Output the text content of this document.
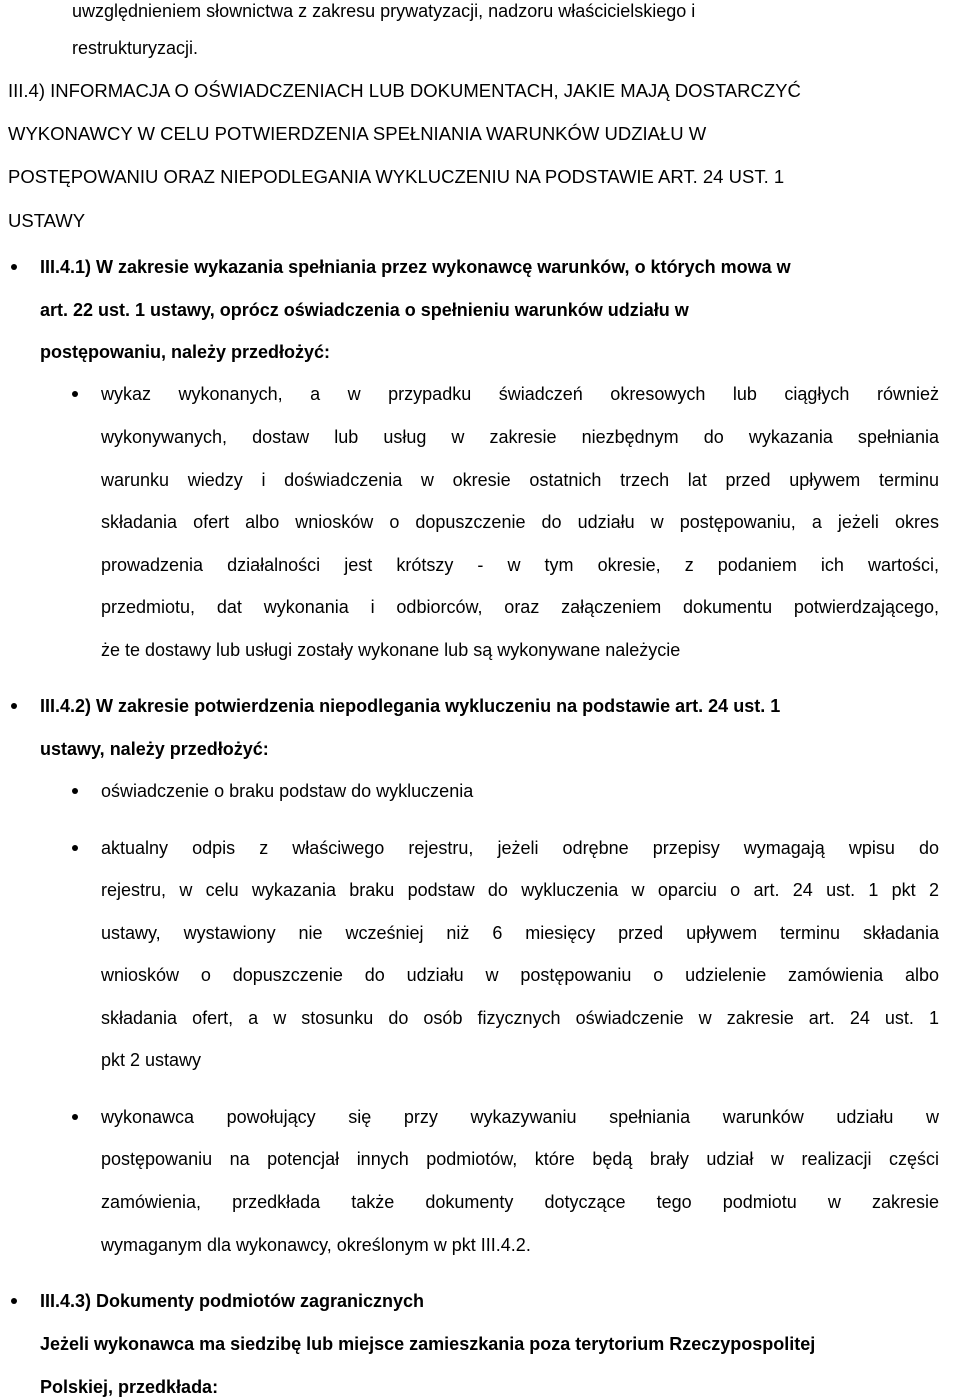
uwzględnieniem słownictwa z zakresu prywatyzacji, nadzoru właścicielskiego i
restrukturyzacji.
III.4) INFORMACJA O OŚWIADCZENIACH LUB DOKUMENTACH, JAKIE MAJĄ DOSTARCZYĆ
WYKONAWCY W CELU POTWIERDZENIA SPEŁNIANIA WARUNKÓW UDZIAŁU W
POSTĘPOWANIU ORAZ NIEPODLEGANIA WYKLUCZENIU NA PODSTAWIE ART. 24 UST. 1
USTAWY
III.4.1) W zakresie wykazania spełniania przez wykonawcę warunków, o których mowa w
art. 22 ust. 1 ustawy, oprócz oświadczenia o spełnieniu warunków udziału w
postępowaniu, należy przedłożyć:
wykaz wykonanych, a w przypadku świadczeń okresowych lub ciągłych również
wykonywanych, dostaw lub usług w zakresie niezbędnym do wykazania spełniania
warunku wiedzy i doświadczenia w okresie ostatnich trzech lat przed upływem terminu
składania ofert albo wniosków o dopuszczenie do udziału w postępowaniu, a jeżeli okres
prowadzenia działalności jest krótszy - w tym okresie, z podaniem ich wartości,
przedmiotu, dat wykonania i odbiorców, oraz załączeniem dokumentu potwierdzającego,
że te dostawy lub usługi zostały wykonane lub są wykonywane należycie
III.4.2) W zakresie potwierdzenia niepodlegania wykluczeniu na podstawie art. 24 ust. 1
ustawy, należy przedłożyć:
oświadczenie o braku podstaw do wykluczenia
aktualny odpis z właściwego rejestru, jeżeli odrębne przepisy wymagają wpisu do
rejestru, w celu wykazania braku podstaw do wykluczenia w oparciu o art. 24 ust. 1 pkt 2
ustawy, wystawiony nie wcześniej niż 6 miesięcy przed upływem terminu składania
wniosków o dopuszczenie do udziału w postępowaniu o udzielenie zamówienia albo
składania ofert, a w stosunku do osób fizycznych oświadczenie w zakresie art. 24 ust. 1
pkt 2 ustawy
wykonawca powołujący się przy wykazywaniu spełniania warunków udziału w
postępowaniu na potencjał innych podmiotów, które będą brały udział w realizacji części
zamówienia, przedkłada także dokumenty dotyczące tego podmiotu w zakresie
wymaganym dla wykonawcy, określonym w pkt III.4.2.
III.4.3) Dokumenty podmiotów zagranicznych
Jeżeli wykonawca ma siedzibę lub miejsce zamieszkania poza terytorium Rzeczypospolitej
Polskiej, przedkłada:
